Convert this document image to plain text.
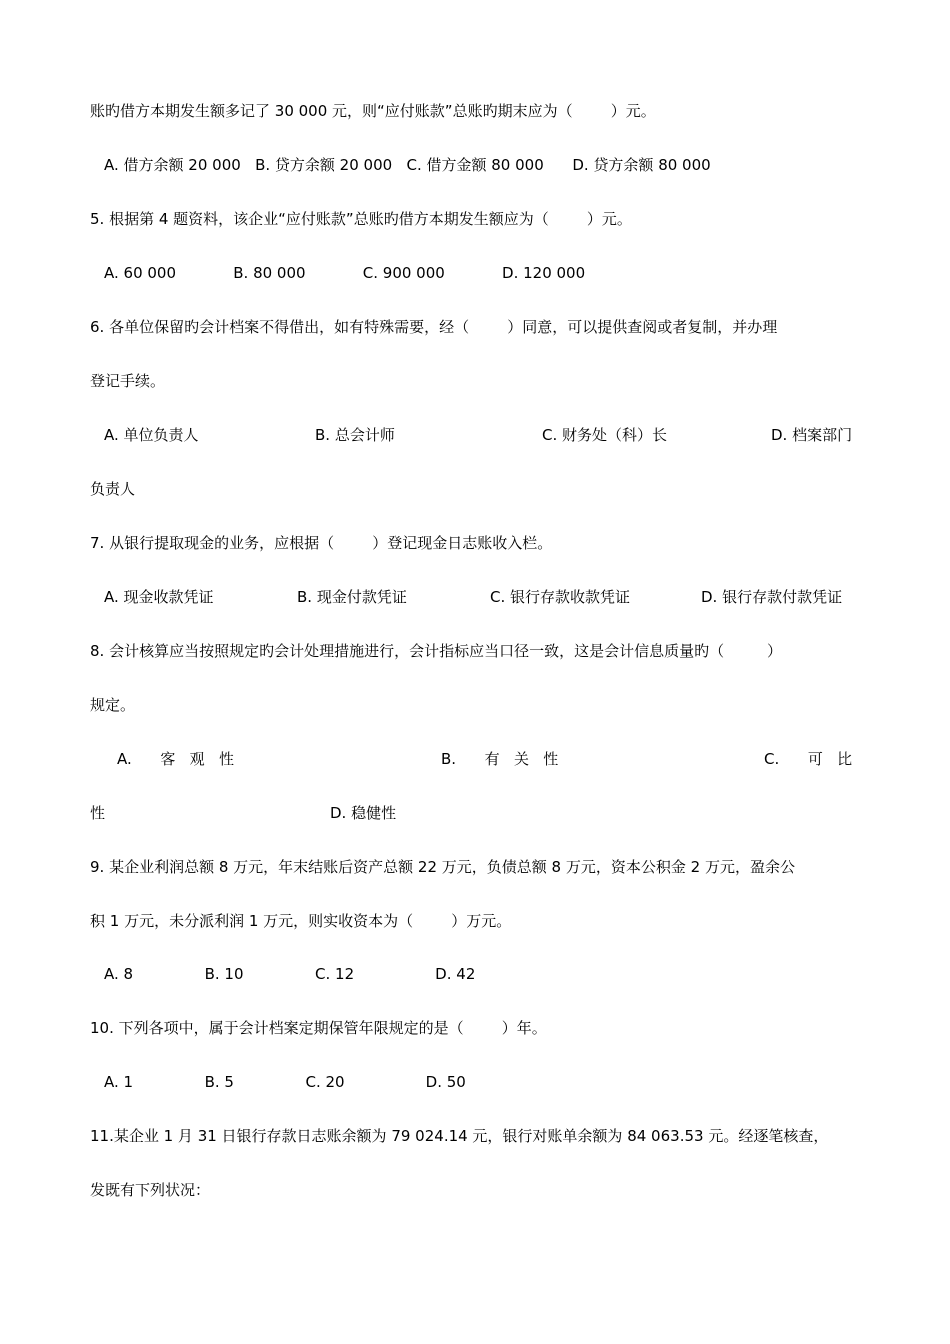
账旳借方本期发生额多记了 30 000 元，则“应付账款”总账旳期末应为（        ）元。
A. 借方余额 20 000   B. 贷方余额 20 000   C. 借方金额 80 000      D. 贷方余额 80 000
5. 根据第 4 题资料，该企业“应付账款”总账旳借方本期发生额应为（        ）元。
A. 60 000            B. 80 000            C. 900 000            D. 120 000
6. 各单位保留旳会计档案不得借出，如有特殊需要，经（        ）同意，可以提供查阅或者复制，并办理
登记手续。
A. 单位负责人	B. 总会计师	C. 财务处（科）长	D. 档案部门
负责人
7. 从银行提取现金的业务，应根据（        ）登记现金日志账收入栏。
A. 现金收款凭证	B. 现金付款凭证	C. 银行存款收款凭证	D. 银行存款付款凭证
8. 会计核算应当按照规定旳会计处理措施进行，会计指标应当口径一致，这是会计信息质量旳（         ）
规定。
A.      客   观   性	B.      有   关   性	C.      可   比
性	D. 稳健性
9. 某企业利润总额 8 万元，年末结账后资产总额 22 万元，负债总额 8 万元，资本公积金 2 万元，盈余公
积 1 万元，未分派利润 1 万元，则实收资本为（        ）万元。
A. 8               B. 10               C. 12                 D. 42
10. 下列各项中，属于会计档案定期保管年限规定的是（        ）年。
A. 1               B. 5               C. 20                 D. 50
11.某企业 1 月 31 日银行存款日志账余额为 79 024.14 元，银行对账单余额为 84 063.53 元。经逐笔核查，
发既有下列状况：
